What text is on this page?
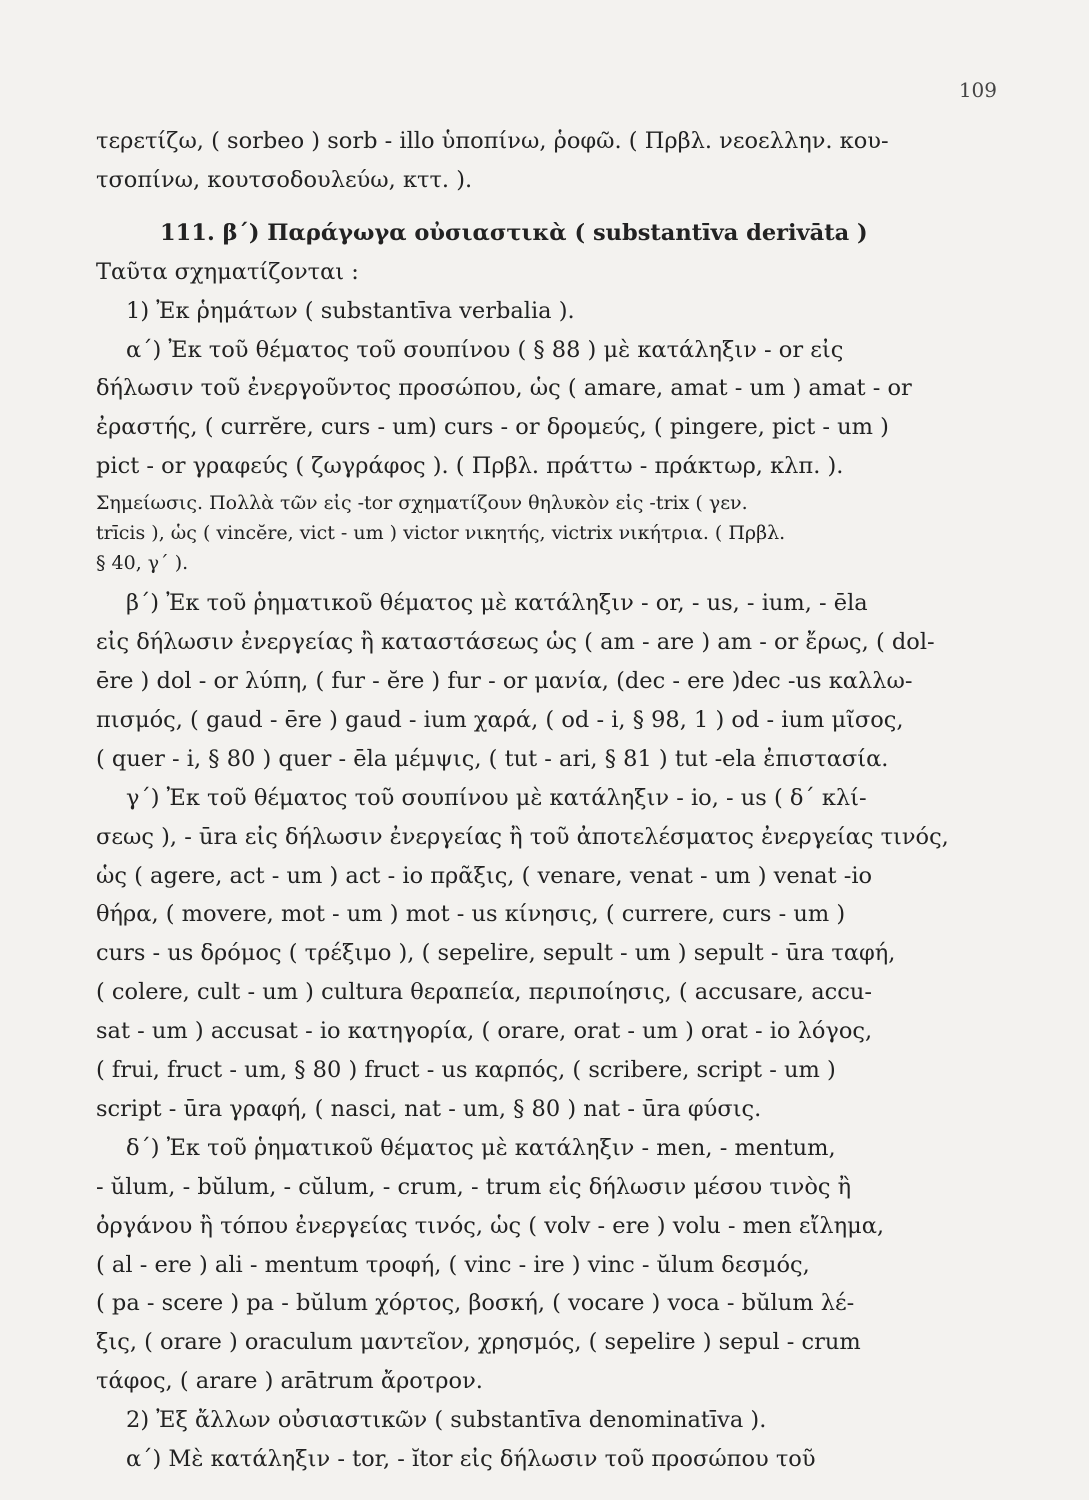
109
τερετίζω, ( sorbeo ) sorb - illo ὑποπίνω, ῥοφῶ. ( Πρβλ. νεοελλην. κου-
τσοπίνω, κουτσοδουλεύω, κττ. ).
111. β΄) Παράγωγα οὐσιαστικὰ ( substantīva derivāta )
Ταῦτα σχηματίζονται :
1) Ἐκ ῥημάτων ( substantīva verbalia ).
α΄) Ἐκ τοῦ θέματος τοῦ σουπίνου ( § 88 ) μὲ κατάληξιν - or εἰς
δήλωσιν τοῦ ἐνεργοῦντος προσώπου, ὡς ( amare, amat - um ) amat - or
ἐραστής, ( currĕre, curs - um) curs - or δρομεύς, ( pingere, pict - um )
pict - or γραφεύς ( ζωγράφος ). ( Πρβλ. πράττω - πράκτωρ, κλπ. ).
Σημείωσις. Πολλὰ τῶν εἰς -tor σχηματίζουν θηλυκὸν εἰς -trix ( γεν.
trīcis ), ὡς ( vincĕre, vict - um ) victor νικητής, victrix νικήτρια. ( Πρβλ.
§ 40, γ΄ ).
β΄) Ἐκ τοῦ ῥηματικοῦ θέματος μὲ κατάληξιν - or, - us, - ium, - ēla
εἰς δήλωσιν ἐνεργείας ἢ καταστάσεως ὡς ( am - are ) am - or ἔρως, ( dol-
ēre ) dol - or λύπη, ( fur - ĕre ) fur - or μανία, (dec - ere )dec -us καλλω-
πισμός, ( gaud - ēre ) gaud - ium χαρά, ( od - i, § 98, 1 ) od - ium μῖσος,
( quer - i, § 80 ) quer - ēla μέμψις, ( tut - ari, § 81 ) tut -ela ἐπιστασία.
γ΄) Ἐκ τοῦ θέματος τοῦ σουπίνου μὲ κατάληξιν - io, - us ( δ΄ κλί-
σεως ), - ūra εἰς δήλωσιν ἐνεργείας ἢ τοῦ ἀποτελέσματος ἐνεργείας τινός,
ὡς ( agere, act - um ) act - io πρᾶξις, ( venare, venat - um ) venat -io
θήρα, ( movere, mot - um ) mot - us κίνησις, ( currere, curs - um )
curs - us δρόμος ( τρέξιμο ), ( sepelire, sepult - um ) sepult - ūra ταφή,
( colere, cult - um ) cultura θεραπεία, περιποίησις, ( accusare, accu-
sat - um ) accusat - io κατηγορία, ( orare, orat - um ) orat - io λόγος,
( frui, fruct - um, § 80 ) fruct - us καρπός, ( scribere, script - um )
script - ūra γραφή, ( nasci, nat - um, § 80 ) nat - ūra φύσις.
δ΄) Ἐκ τοῦ ῥηματικοῦ θέματος μὲ κατάληξιν - men, - mentum,
- ŭlum, - bŭlum, - cŭlum, - crum, - trum εἰς δήλωσιν μέσου τινὸς ἢ
ὀργάνου ἢ τόπου ἐνεργείας τινός, ὡς ( volv - ere ) volu - men εἴλημα,
( al - ere ) ali - mentum τροφή, ( vinc - ire ) vinc - ŭlum δεσμός,
( pa - scere ) pa - bŭlum χόρτος, βοσκή, ( vocare ) voca - bŭlum λέ-
ξις, ( orare ) oraculum μαντεῖον, χρησμός, ( sepelire ) sepul - crum
τάφος, ( arare ) arātrum ἄροτρον.
2) Ἐξ ἄλλων οὐσιαστικῶν ( substantīva denominatīva ).
α΄) Μὲ κατάληξιν - tor, - ĭtor εἰς δήλωσιν τοῦ προσώπου τοῦ
